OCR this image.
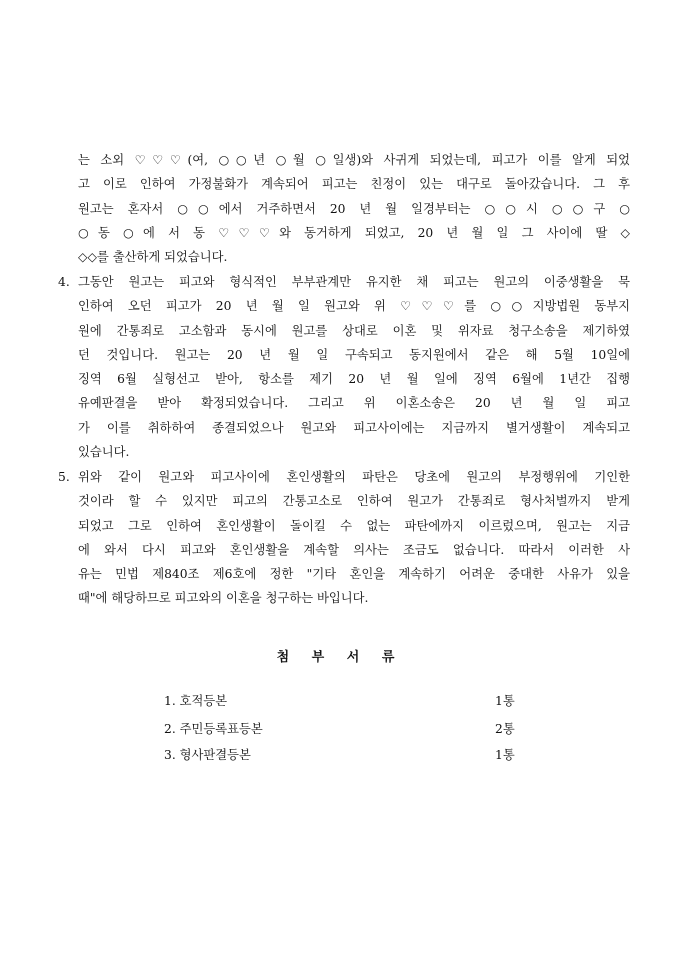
는 소외 ♡♡♡(여, ○○년 ○월 ○일생)와 사귀게 되었는데, 피고가 이를 알게 되었
고 이로 인하여 가정불화가 계속되어 피고는 친정이 있는 대구로 돌아갔습니다. 그 후
원고는 혼자서 ○○에서 거주하면서 20 년 월 일경부터는 ○○시 ○○구 ○
○동 ○에 서 동 ♡♡♡와 동거하게 되었고, 20 년 월 일 그 사이에 딸 ◇
◇◇를 출산하게 되었습니다.
4. 그동안 원고는 피고와 형식적인 부부관계만 유지한 채 피고는 원고의 이중생활을 묵
인하여 오던 피고가 20 년 월 일 원고와 위 ♡♡♡를 ○○지방법원 동부지
원에 간통죄로 고소함과 동시에 원고를 상대로 이혼 및 위자료 청구소송을 제기하였
던 것입니다. 원고는 20 년 월 일 구속되고 동지원에서 같은 해 5월 10일에
징역 6월 실형선고 받아, 항소를 제기 20 년 월 일에 징역 6월에 1년간 집행
유예판결을 받아 확정되었습니다. 그리고 위 이혼소송은 20 년 월 일 피고
가 이를 취하하여 종결되었으나 원고와 피고사이에는 지금까지 별거생활이 계속되고
있습니다.
5. 위와 같이 원고와 피고사이에 혼인생활의 파탄은 당초에 원고의 부정행위에 기인한
것이라 할 수 있지만 피고의 간통고소로 인하여 원고가 간통죄로 형사처벌까지 받게
되었고 그로 인하여 혼인생활이 돌이킬 수 없는 파탄에까지 이르렀으며, 원고는 지금
에 와서 다시 피고와 혼인생활을 계속할 의사는 조금도 없습니다. 따라서 이러한 사
유는 민법 제840조 제6호에 정한 "기타 혼인을 계속하기 어려운 중대한 사유가 있을
때"에 해당하므로 피고와의 이혼을 청구하는 바입니다.
첨 부 서 류
1. 호적등본	1통
2. 주민등록표등본	2통
3. 형사판결등본	1통
